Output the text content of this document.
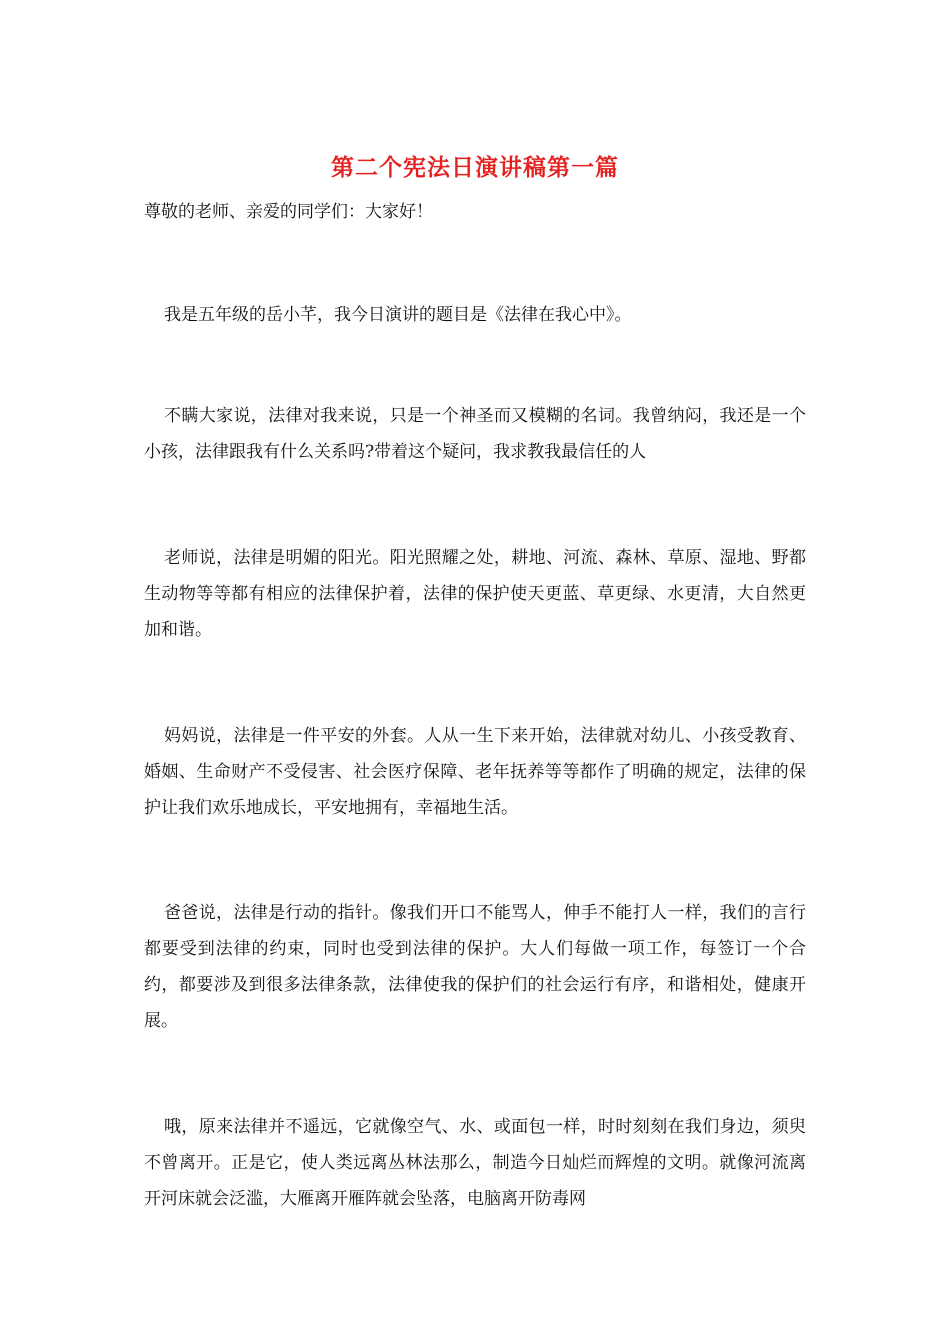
第二个宪法日演讲稿第一篇
尊敬的老师、亲爱的同学们：大家好！

我是五年级的岳小芊，我今日演讲的题目是《法律在我心中》。

不瞒大家说，法律对我来说，只是一个神圣而又模糊的名词。我曾纳闷，我还是一个小孩，法律跟我有什么关系吗?带着这个疑问，我求教我最信任的人

老师说，法律是明媚的阳光。阳光照耀之处，耕地、河流、森林、草原、湿地、野都生动物等等都有相应的法律保护着，法律的保护使天更蓝、草更绿、水更清，大自然更加和谐。

妈妈说，法律是一件平安的外套。人从一生下来开始，法律就对幼儿、小孩受教育、婚姻、生命财产不受侵害、社会医疗保障、老年抚养等等都作了明确的规定，法律的保护让我们欢乐地成长，平安地拥有，幸福地生活。

爸爸说，法律是行动的指针。像我们开口不能骂人，伸手不能打人一样，我们的言行都要受到法律的约束，同时也受到法律的保护。大人们每做一项工作，每签订一个合约，都要涉及到很多法律条款，法律使我的保护们的社会运行有序，和谐相处，健康开展。

哦，原来法律并不遥远，它就像空气、水、或面包一样，时时刻刻在我们身边，须臾不曾离开。正是它，使人类远离丛林法那么，制造今日灿烂而辉煌的文明。就像河流离开河床就会泛滥，大雁离开雁阵就会坠落，电脑离开防毒网
